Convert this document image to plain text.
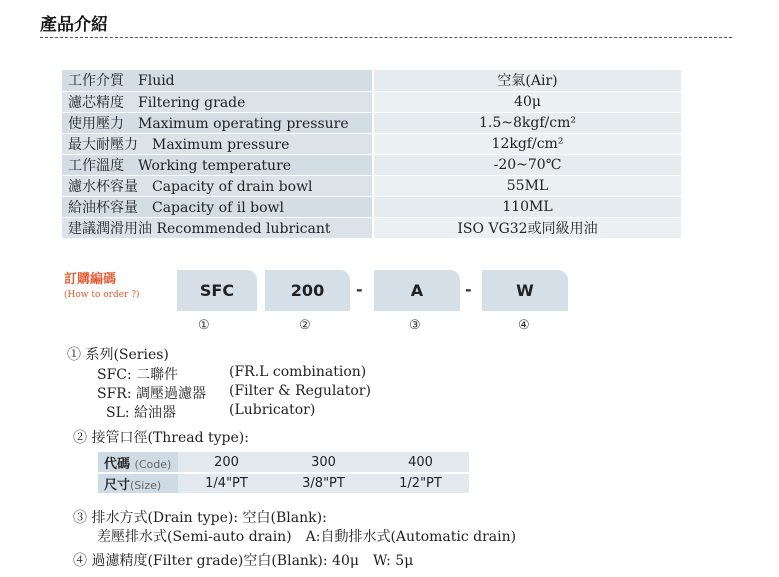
產品介紹
工作介質　Fluid	空氣(Air)
濾芯精度　Filtering grade	40μ
使用壓力　Maximum operating pressure	1.5~8kgf/cm²
最大耐壓力　Maximum pressure	12kgf/cm²
工作溫度　Working temperature	-20~70℃
濾水杯容量　Capacity of drain bowl	55ML
給油杯容量　Capacity of il bowl	110ML
建議潤滑用油 Recommended lubricant	ISO VG32或同級用油
訂購編碼
(How to order ?)	SFC	200	-	A	-	W
①	②	③	④
① 系列(Series)
SFC: 二聯件	(FR.L combination)
SFR: 調壓過濾器 (Filter & Regulator)
SL: 給油器	(Lubricator)
② 接管口徑(Thread type):
代碼 (Code)	200	300	400
尺寸(Size)	1/4"PT	3/8"PT	1/2"PT
③ 排水方式(Drain type): 空白(Blank):
差壓排水式(Semi-auto drain)　A:自動排水式(Automatic drain)
④ 過濾精度(Filter grade)空白(Blank): 40μ　W: 5μ
